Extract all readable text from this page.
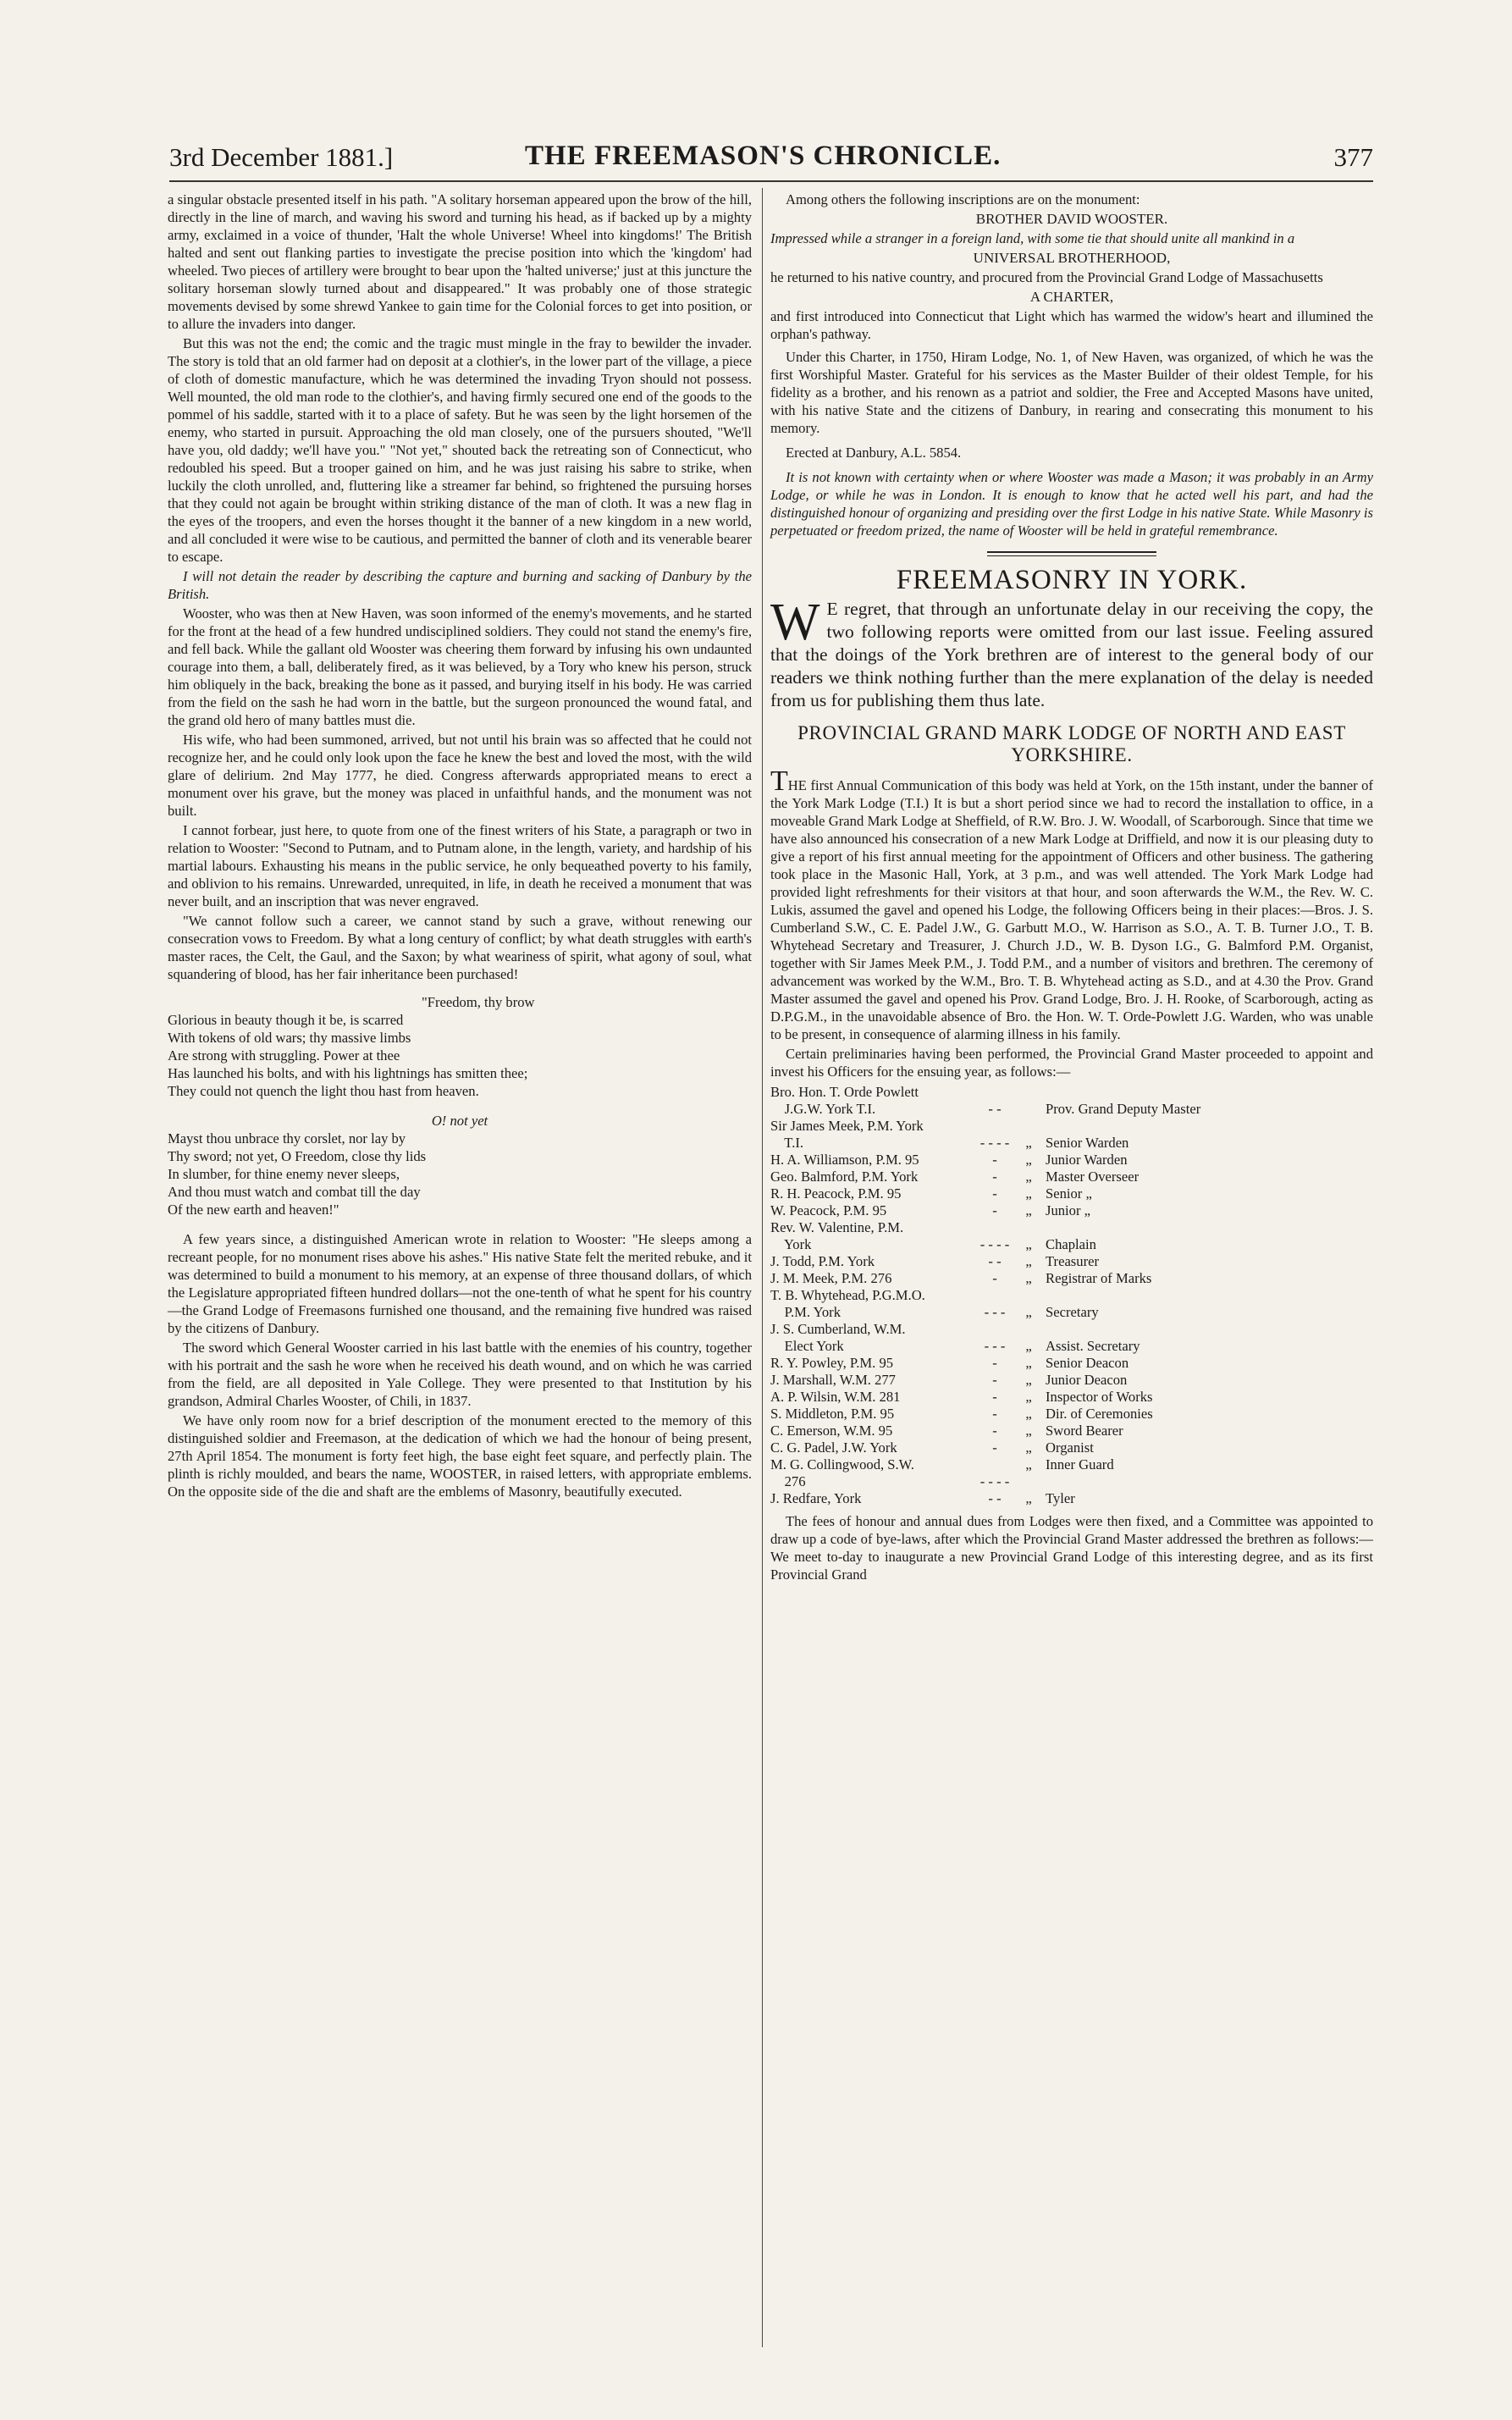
3rd December 1881.]	THE FREEMASON'S CHRONICLE.	377

a singular obstacle presented itself in his path. "A solitary horseman appeared upon the brow of the hill, directly in the line of march, and waving his sword and turning his head, as if backed up by a mighty army, exclaimed in a voice of thunder, 'Halt the whole Universe! Wheel into kingdoms!' The British halted and sent out flanking parties to investigate the precise position into which the 'kingdom' had wheeled. Two pieces of artillery were brought to bear upon the 'halted universe;' just at this juncture the solitary horseman slowly turned about and disappeared." It was probably one of those strategic movements devised by some shrewd Yankee to gain time for the Colonial forces to get into position, or to allure the invaders into danger.

But this was not the end; the comic and the tragic must mingle in the fray to bewilder the invader. The story is told that an old farmer had on deposit at a clothier's, in the lower part of the village, a piece of cloth of domestic manufacture, which he was determined the invading Tryon should not possess. Well mounted, the old man rode to the clothier's, and having firmly secured one end of the goods to the pommel of his saddle, started with it to a place of safety. But he was seen by the light horsemen of the enemy, who started in pursuit. Approaching the old man closely, one of the pursuers shouted, "We'll have you, old daddy; we'll have you." "Not yet," shouted back the retreating son of Connecticut, who redoubled his speed. But a trooper gained on him, and he was just raising his sabre to strike, when luckily the cloth unrolled, and, fluttering like a streamer far behind, so frightened the pursuing horses that they could not again be brought within striking distance of the man of cloth. It was a new flag in the eyes of the troopers, and even the horses thought it the banner of a new kingdom in a new world, and all concluded it were wise to be cautious, and permitted the banner of cloth and its venerable bearer to escape.

I will not detain the reader by describing the capture and burning and sacking of Danbury by the British.

Wooster, who was then at New Haven, was soon informed of the enemy's movements, and he started for the front at the head of a few hundred undisciplined soldiers. They could not stand the enemy's fire, and fell back. While the gallant old Wooster was cheering them forward by infusing his own undaunted courage into them, a ball, deliberately fired, as it was believed, by a Tory who knew his person, struck him obliquely in the back, breaking the bone as it passed, and burying itself in his body. He was carried from the field on the sash he had worn in the battle, but the surgeon pronounced the wound fatal, and the grand old hero of many battles must die.

His wife, who had been summoned, arrived, but not until his brain was so affected that he could not recognize her, and he could only look upon the face he knew the best and loved the most, with the wild glare of delirium. 2nd May 1777, he died. Congress afterwards appropriated means to erect a monument over his grave, but the money was placed in unfaithful hands, and the monument was not built.

I cannot forbear, just here, to quote from one of the finest writers of his State, a paragraph or two in relation to Wooster: "Second to Putnam, and to Putnam alone, in the length, variety, and hardship of his martial labours. Exhausting his means in the public service, he only bequeathed poverty to his family, and oblivion to his remains. Unrewarded, unrequited, in life, in death he received a monument that was never built, and an inscription that was never engraved.

"We cannot follow such a career, we cannot stand by such a grave, without renewing our consecration vows to Freedom. By what a long century of conflict; by what death struggles with earth's master races, the Celt, the Gaul, and the Saxon; by what weariness of spirit, what agony of soul, what squandering of blood, has her fair inheritance been purchased!

"Freedom, thy brow
Glorious in beauty though it be, is scarred
With tokens of old wars; thy massive limbs
Are strong with struggling. Power at thee
Has launched his bolts, and with his lightnings has smitten thee;
They could not quench the light thou hast from heaven.
O! not yet
Mayst thou unbrace thy corslet, nor lay by
Thy sword; not yet, O Freedom, close thy lids
In slumber, for thine enemy never sleeps,
And thou must watch and combat till the day
Of the new earth and heaven!"

A few years since, a distinguished American wrote in relation to Wooster: "He sleeps among a recreant people, for no monument rises above his ashes." His native State felt the merited rebuke, and it was determined to build a monument to his memory, at an expense of three thousand dollars, of which the Legislature appropriated fifteen hundred dollars—not the one-tenth of what he spent for his country—the Grand Lodge of Freemasons furnished one thousand, and the remaining five hundred was raised by the citizens of Danbury.

The sword which General Wooster carried in his last battle with the enemies of his country, together with his portrait and the sash he wore when he received his death wound, and on which he was carried from the field, are all deposited in Yale College. They were presented to that Institution by his grandson, Admiral Charles Wooster, of Chili, in 1837.

We have only room now for a brief description of the monument erected to the memory of this distinguished soldier and Freemason, at the dedication of which we had the honour of being present, 27th April 1854. The monument is forty feet high, the base eight feet square, and perfectly plain. The plinth is richly moulded, and bears the name, WOOSTER, in raised letters, with appropriate emblems. On the opposite side of the die and shaft are the emblems of Masonry, beautifully executed.

Among others the following inscriptions are on the monument:

BROTHER DAVID WOOSTER.

Impressed while a stranger in a foreign land, with some tie that should unite all mankind in a

UNIVERSAL BROTHERHOOD,

he returned to his native country, and procured from the Provincial Grand Lodge of Massachusetts

A CHARTER,

and first introduced into Connecticut that Light which has warmed the widow's heart and illumined the orphan's pathway.

Under this Charter, in 1750, Hiram Lodge, No. 1, of New Haven, was organized, of which he was the first Worshipful Master. Grateful for his services as the Master Builder of their oldest Temple, for his fidelity as a brother, and his renown as a patriot and soldier, the Free and Accepted Masons have united, with his native State and the citizens of Danbury, in rearing and consecrating this monument to his memory.

Erected at Danbury, A.L. 5854.

It is not known with certainty when or where Wooster was made a Mason; it was probably in an Army Lodge, or while he was in London. It is enough to know that he acted well his part, and had the distinguished honour of organizing and presiding over the first Lodge in his native State. While Masonry is perpetuated or freedom prized, the name of Wooster will be held in grateful remembrance.

FREEMASONRY IN YORK.

W E regret, that through an unfortunate delay in our receiving the copy, the two following reports were omitted from our last issue. Feeling assured that the doings of the York brethren are of interest to the general body of our readers we think nothing further than the mere explanation of the delay is needed from us for publishing them thus late.

PROVINCIAL GRAND MARK LODGE OF NORTH AND EAST YORKSHIRE.

THE first Annual Communication of this body was held at York, on the 15th instant, under the banner of the York Mark Lodge (T.I.) It is but a short period since we had to record the installation to office, in a moveable Grand Mark Lodge at Sheffield, of R.W. Bro. J. W. Woodall, of Scarborough. Since that time we have also announced his consecration of a new Mark Lodge at Driffield, and now it is our pleasing duty to give a report of his first annual meeting for the appointment of Officers and other business. The gathering took place in the Masonic Hall, York, at 3 p.m., and was well attended. The York Mark Lodge had provided light refreshments for their visitors at that hour, and soon afterwards the W.M., the Rev. W. C. Lukis, assumed the gavel and opened his Lodge, the following Officers being in their places:—Bros. J. S. Cumberland S.W., C. E. Padel J.W., G. Garbutt M.O., W. Harrison as S.O., A. T. B. Turner J.O., T. B. Whytehead Secretary and Treasurer, J. Church J.D., W. B. Dyson I.G., G. Balmford P.M. Organist, together with Sir James Meek P.M., J. Todd P.M., and a number of visitors and brethren. The ceremony of advancement was worked by the W.M., Bro. T. B. Whytehead acting as S.D., and at 4.30 the Prov. Grand Master assumed the gavel and opened his Prov. Grand Lodge, Bro. J. H. Rooke, of Scarborough, acting as D.P.G.M., in the unavoidable absence of Bro. the Hon. W. T. Orde-Powlett J.G. Warden, who was unable to be present, in consequence of alarming illness in his family.

Certain preliminaries having been performed, the Provincial Grand Master proceeded to appoint and invest his Officers for the ensuing year, as follows:—

Bro. Hon. T. Orde Powlett			
J.G.W. York T.I.	- -		Prov. Grand Deputy Master
Sir James Meek, P.M. York			
T.I.	- - - -	„	Senior Warden
H. A. Williamson, P.M. 95	-	„	Junior Warden
Geo. Balmford, P.M. York	-	„	Master Overseer
R. H. Peacock, P.M. 95	-	„	Senior „
W. Peacock, P.M. 95	-	„	Junior „
Rev. W. Valentine, P.M.			
York	- - - -	„	Chaplain
J. Todd, P.M. York	- -	„	Treasurer
J. M. Meek, P.M. 276	-	„	Registrar of Marks
T. B. Whytehead, P.G.M.O.			
P.M. York	- - -	„	Secretary
J. S. Cumberland, W.M.			
Elect York	- - -	„	Assist. Secretary
R. Y. Powley, P.M. 95	-	„	Senior Deacon
J. Marshall, W.M. 277	-	„	Junior Deacon
A. P. Wilsin, W.M. 281	-	„	Inspector of Works
S. Middleton, P.M. 95	-	„	Dir. of Ceremonies
C. Emerson, W.M. 95	-	„	Sword Bearer
C. G. Padel, J.W. York	-	„	Organist
M. G. Collingwood, S.W.		„	Inner Guard
276	- - - -		
J. Redfare, York	- -	„	Tyler

The fees of honour and annual dues from Lodges were then fixed, and a Committee was appointed to draw up a code of bye-laws, after which the Provincial Grand Master addressed the brethren as follows:—We meet to-day to inaugurate a new Provincial Grand Lodge of this interesting degree, and as its first Provincial Grand
